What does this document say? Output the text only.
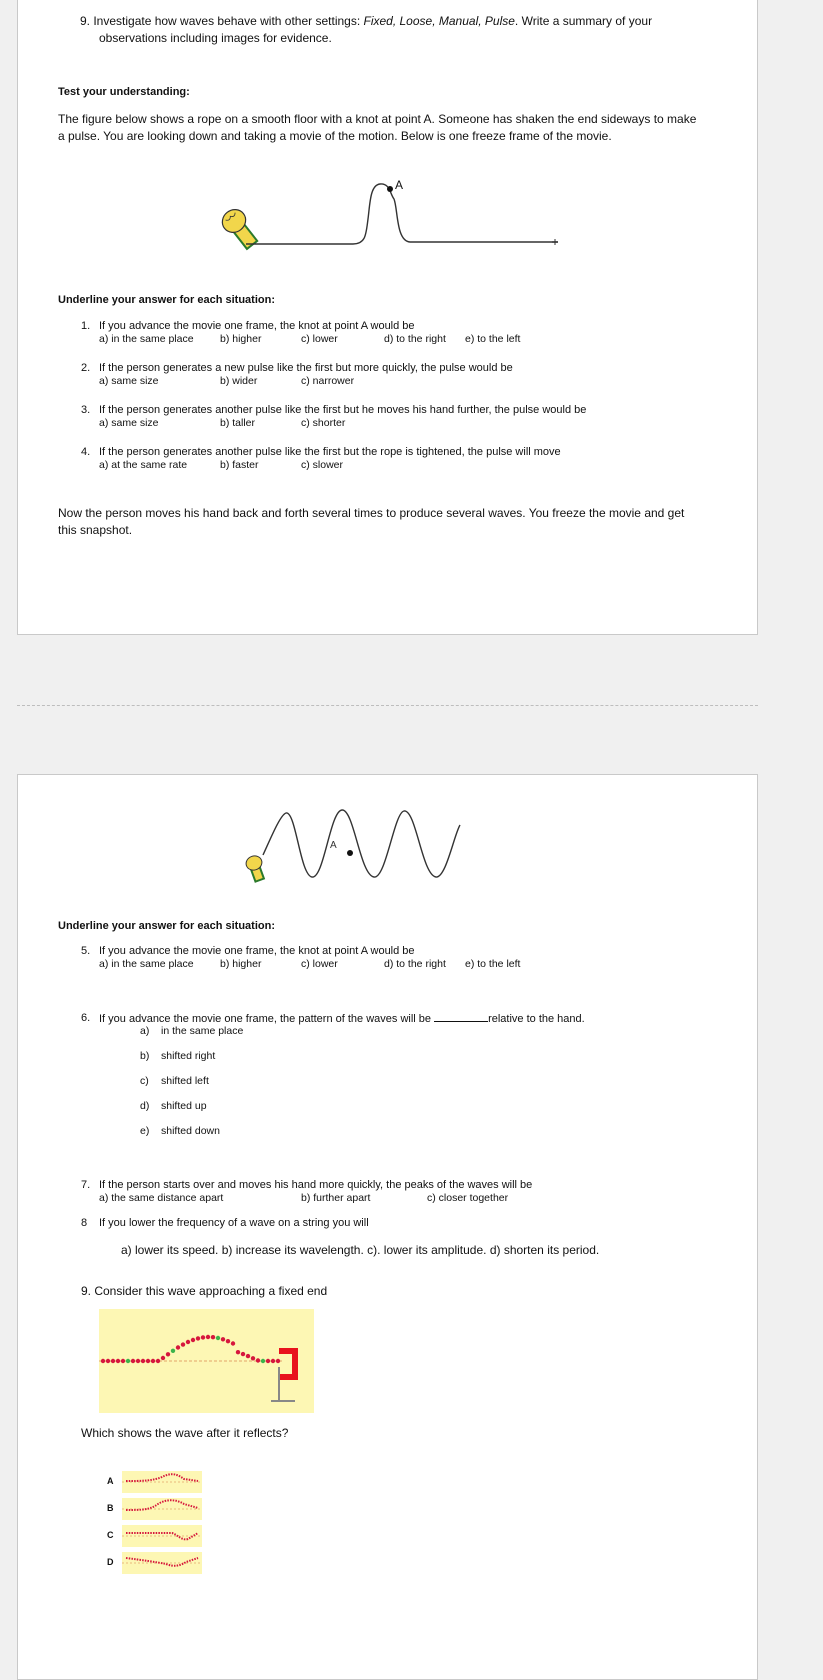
9. Investigate how waves behave with other settings: Fixed, Loose, Manual, Pulse. Write a summary of your
observations including images for evidence.
Test your understanding:
The figure below shows a rope on a smooth floor with a knot at point A. Someone has shaken the end sideways to make
a pulse. You are looking down and taking a movie of the motion. Below is one freeze frame of the movie.
A
Underline your answer for each situation:
1. If you advance the movie one frame, the knot at point A would be
a) in the same place	b) higher	c) lower	d) to the right e) to the left
2. If the person generates a new pulse like the first but more quickly, the pulse would be
a) same size	b) wider	c) narrower
3. If the person generates another pulse like the first but he moves his hand further, the pulse would be
a) same size	b) taller	c) shorter
4. If the person generates another pulse like the first but the rope is tightened, the pulse will move
a) at the same rate	b) faster	c) slower
Now the person moves his hand back and forth several times to produce several waves. You freeze the movie and get
this snapshot.
A
Underline your answer for each situation:
5. If you advance the movie one frame, the knot at point A would be
a) in the same place	b) higher	c) lower	d) to the right e) to the left
6. If you advance the movie one frame, the pattern of the waves will be	relative to the hand.
a) in the same place
b) shifted right
c) shifted left
d) shifted up
e) shifted down
7. If the person starts over and moves his hand more quickly, the peaks of the waves will be
a) the same distance apart	b) further apart	c) closer together
8 If you lower the frequency of a wave on a string you will
a) lower its speed. b) increase its wavelength. c). lower its amplitude. d) shorten its period.
9. Consider this wave approaching a fixed end
Which shows the wave after it reflects?
A
B
C
D
